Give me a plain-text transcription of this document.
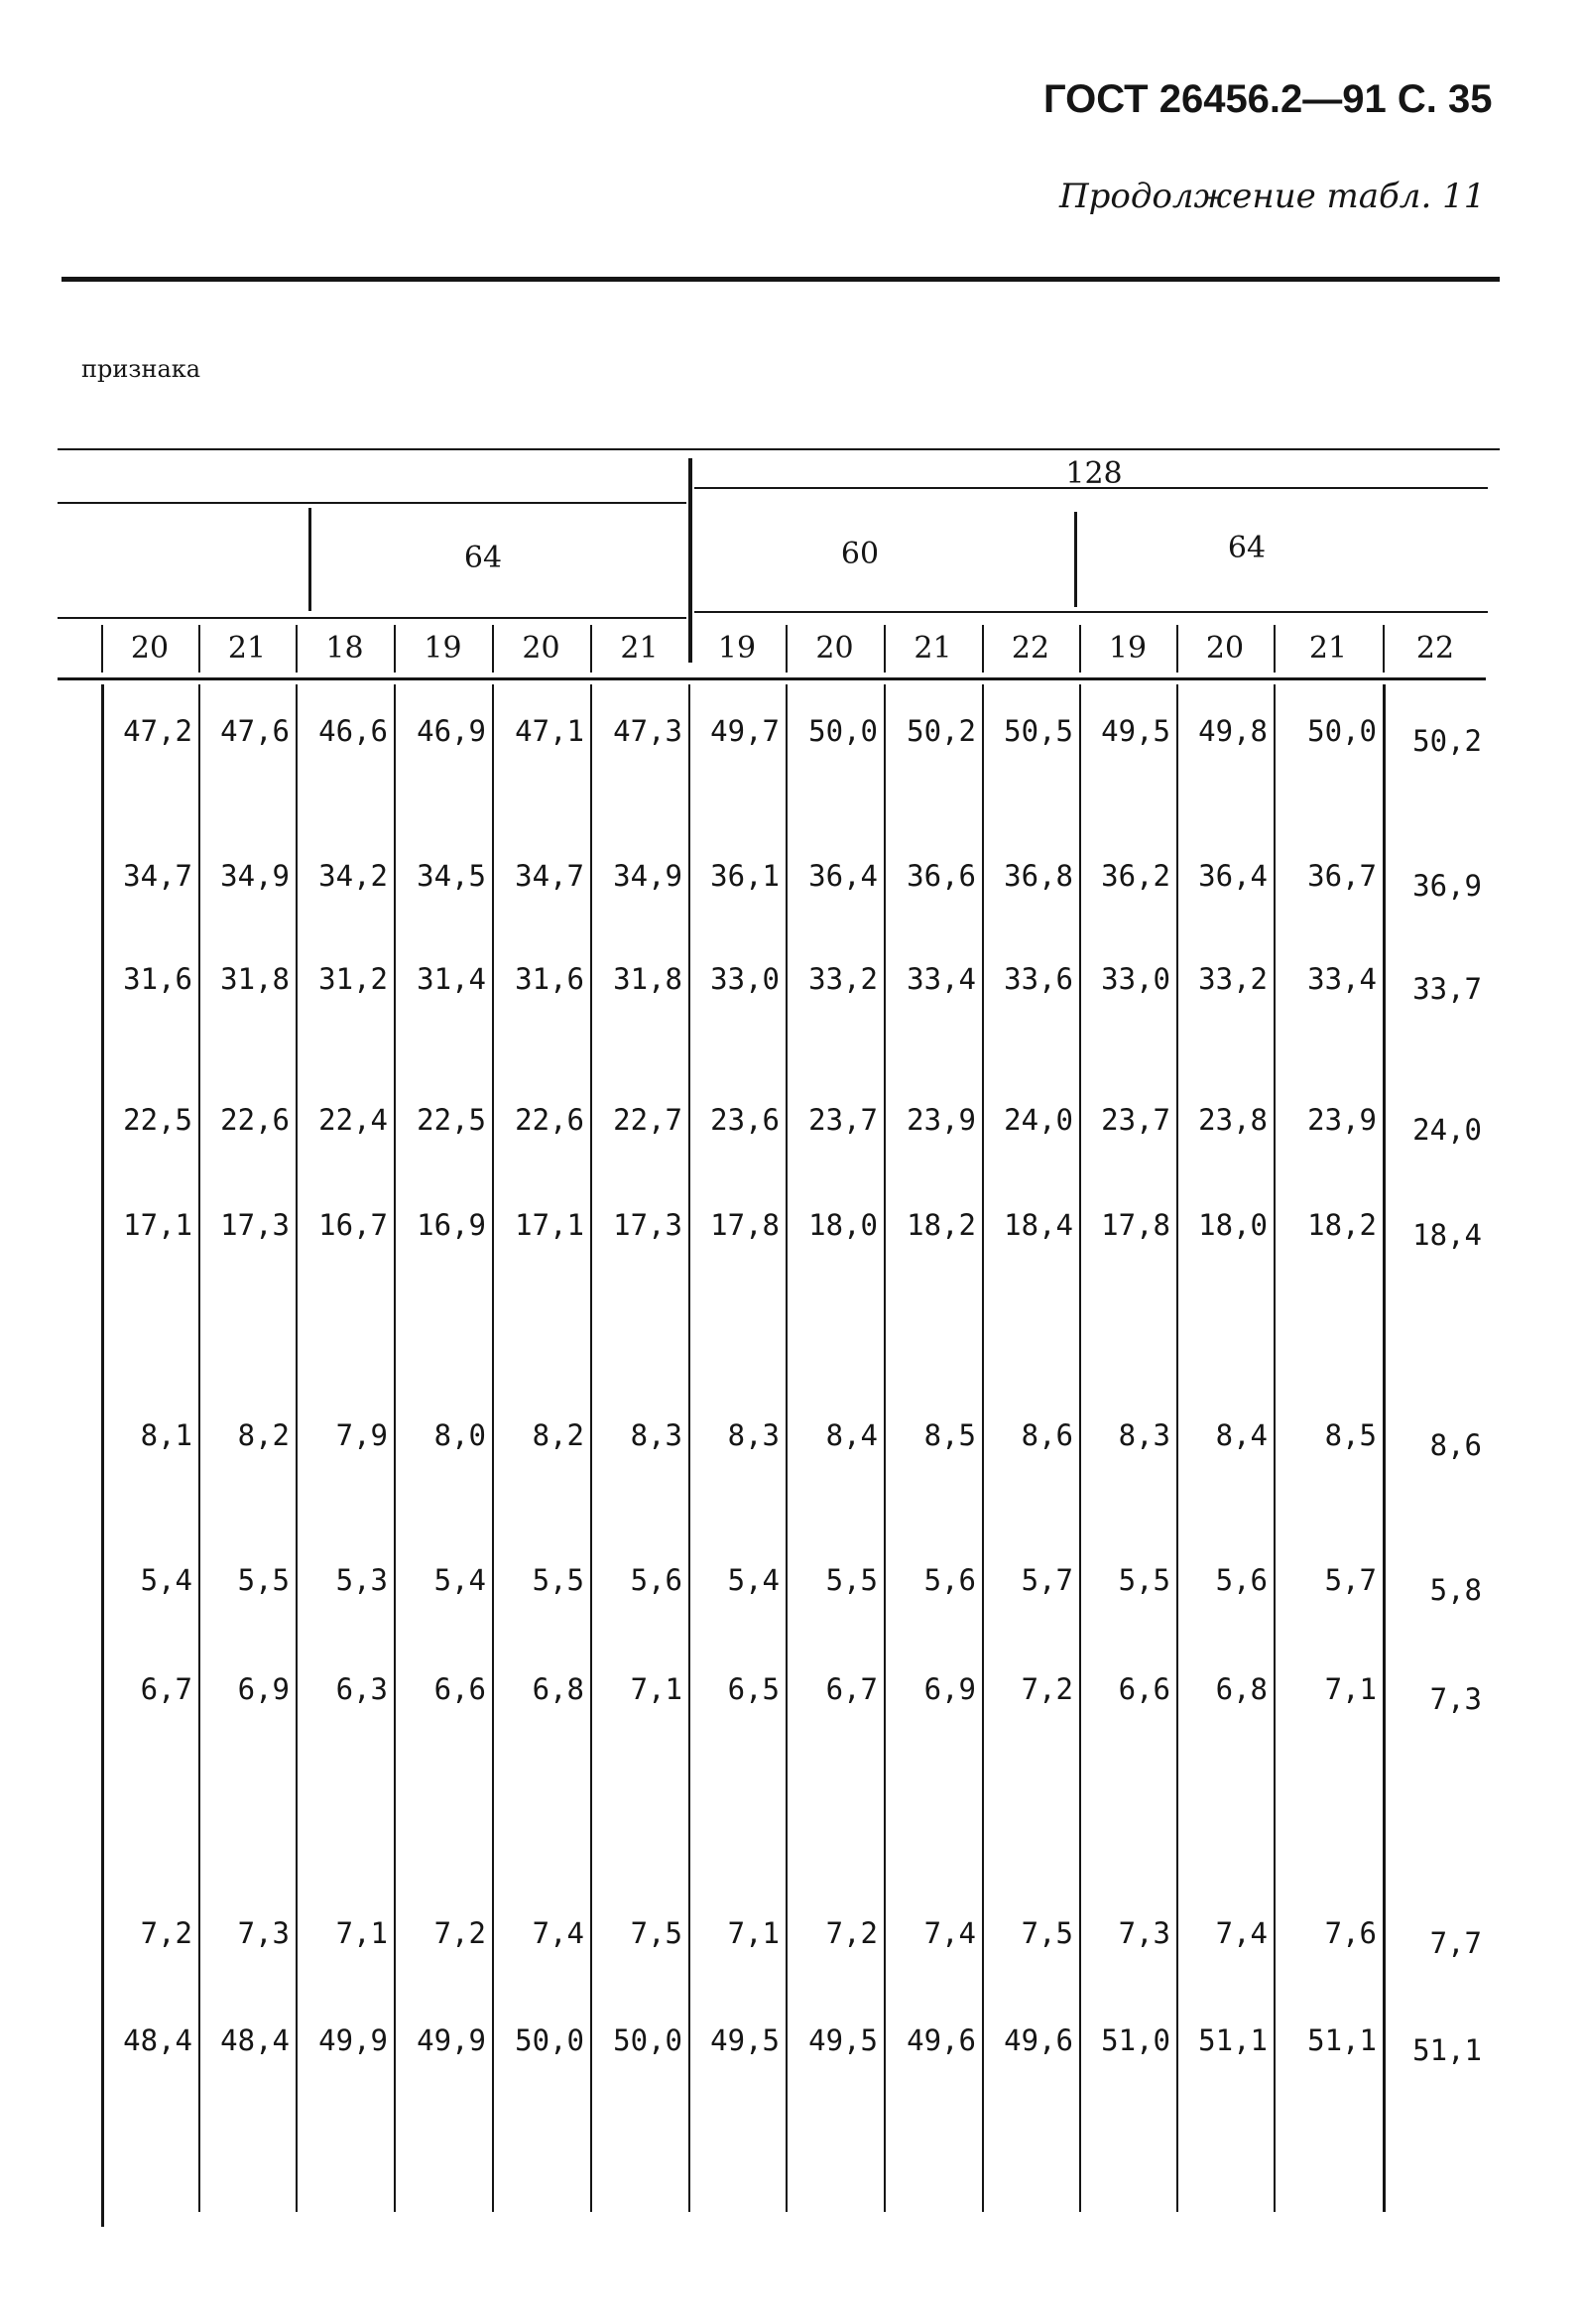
ГОСТ 26456.2—91 С. 35
Продолжение табл. 11
признака
128
64	60	64
20 21 18 19 20 21 19 20 21 22 19 20 21 22
47,2 47,6	46,6	46,9	47,1	47,3 49,7	50,0	50,2 50,5 49,5 49,8	50,0	50,2
34,7 34,9	34,2	34,5	34,7	34,9 36,1	36,4	36,6 36,8 36,2 36,4	36,7	36,9
31,6 31,8	31,2	31,4	31,6	31,8 33,0	33,2	33,4 33,6 33,0 33,2	33,4	33,7
22,5 22,6	22,4	22,5	22,6	22,7 23,6	23,7	23,9 24,0 23,7 23,8	23,9	24,0
17,1 17,3	16,7	16,9	17,1	17,3 17,8	18,0	18,2 18,4 17,8 18,0	18,2	18,4
8,1	8,2	7,9	8,0	8,2	8,3	8,3	8,4	8,5	8,6	8,3	8,4	8,5	8,6
5,4	5,5	5,3	5,4	5,5	5,6	5,4	5,5	5,6	5,7	5,5	5,6	5,7	5,8
6,7	6,9	6,3	6,6	6,8	7,1	6,5	6,7	6,9	7,2	6,6	6,8	7,1	7,3
7,2	7,3	7,1	7,2	7,4	7,5	7,1	7,2	7,4	7,5	7,3	7,4	7,6	7,7
48,4 48,4	49,9	49,9	50,0	50,0 49,5	49,5	49,6 49,6 51,0 51,1	51,1	51,1
